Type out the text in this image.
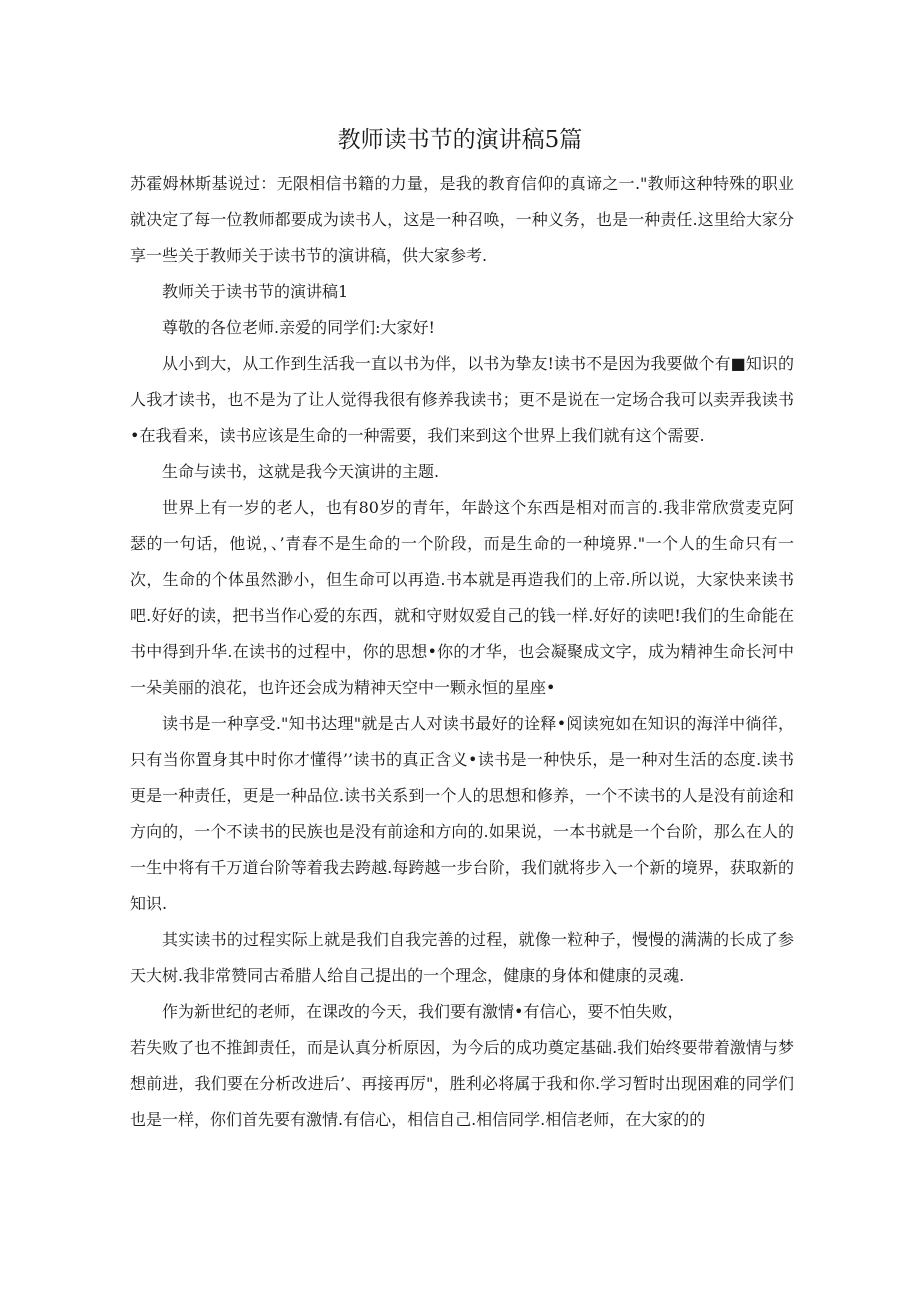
教师读书节的演讲稿5篇

苏霍姆林斯基说过：无限相信书籍的力量，是我的教育信仰的真谛之一."教师这种特殊的职业就决定了每一位教师都要成为读书人，这是一种召唤，一种义务，也是一种责任.这里给大家分享一些关于教师关于读书节的演讲稿，供大家参考.

教师关于读书节的演讲稿1

尊敬的各位老师.亲爱的同学们:大家好!

从小到大，从工作到生活我一直以书为伴，以书为挚友!读书不是因为我要做个有■知识的人我才读书，也不是为了让人觉得我很有修养我读书；更不是说在一定场合我可以卖弄我读书•在我看来，读书应该是生命的一种需要，我们来到这个世界上我们就有这个需要.

生命与读书，这就是我今天演讲的主题.

世界上有一岁的老人，也有80岁的青年，年龄这个东西是相对而言的.我非常欣赏麦克阿瑟的一句话，他说，、’青春不是生命的一个阶段，而是生命的一种境界."一个人的生命只有一次，生命的个体虽然渺小，但生命可以再造.书本就是再造我们的上帝.所以说，大家快来读书吧.好好的读，把书当作心爱的东西，就和守财奴爱自己的钱一样.好好的读吧!我们的生命能在书中得到升华.在读书的过程中，你的思想•你的才华，也会凝聚成文字，成为精神生命长河中一朵美丽的浪花，也许还会成为精神天空中一颗永恒的星座•

读书是一种享受."知书达理"就是古人对读书最好的诠释•阅读宛如在知识的海洋中徜徉，只有当你置身其中时你才懂得’’读书的真正含义•读书是一种快乐，是一种对生活的态度.读书更是一种责任，更是一种品位.读书关系到一个人的思想和修养，一个不读书的人是没有前途和方向的，一个不读书的民族也是没有前途和方向的.如果说，一本书就是一个台阶，那么在人的一生中将有千万道台阶等着我去跨越.每跨越一步台阶，我们就将步入一个新的境界，获取新的知识.

其实读书的过程实际上就是我们自我完善的过程，就像一粒种子，慢慢的满满的长成了参天大树.我非常赞同古希腊人给自己提出的一个理念，健康的身体和健康的灵魂.

作为新世纪的老师，在课改的今天，我们要有激情•有信心，要不怕失败，

若失败了也不推卸责任，而是认真分析原因，为今后的成功奠定基础.我们始终要带着激情与梦想前进，我们要在分析改进后’、再接再厉"，胜利必将属于我和你.学习暂时出现困难的同学们也是一样，你们首先要有激情.有信心，相信自己.相信同学.相信老师，在大家的的
